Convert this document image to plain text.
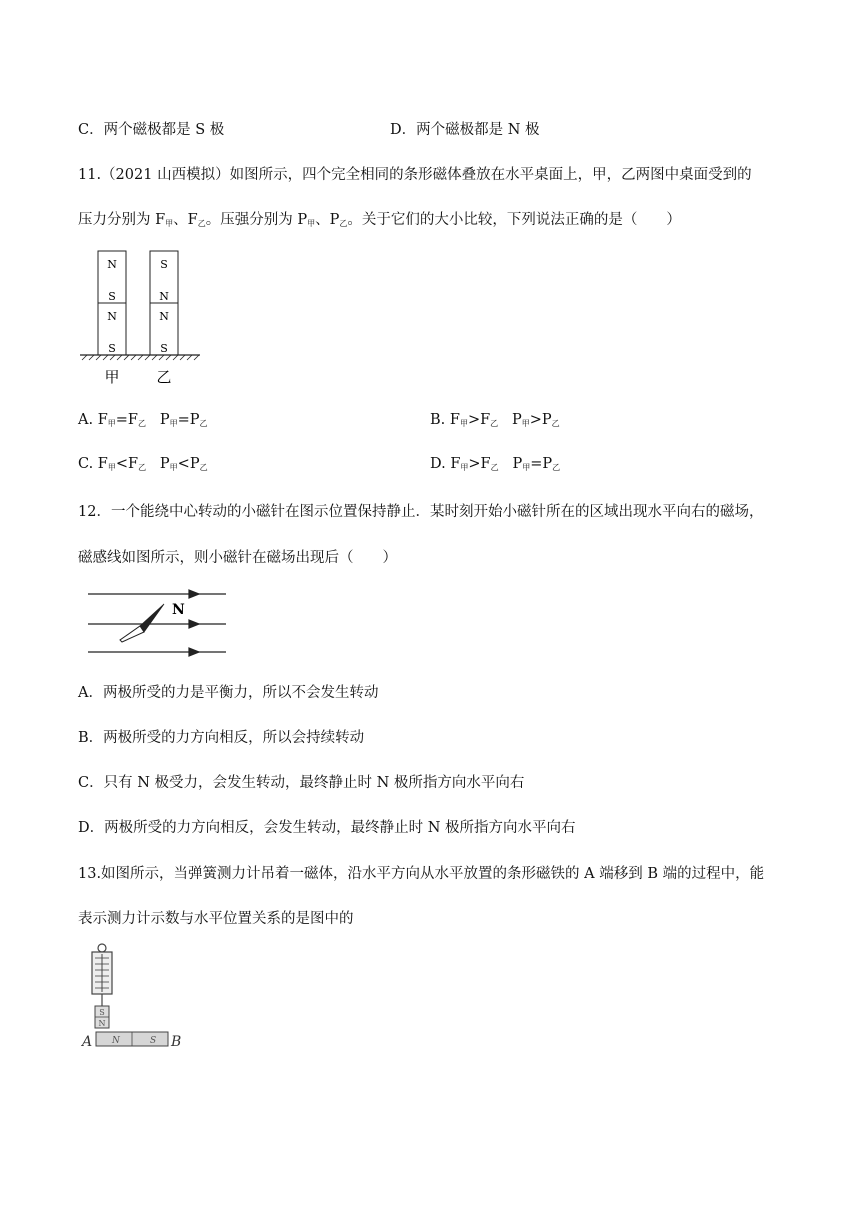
C．两个磁极都是 S 极	D．两个磁极都是 N 极
11.（2021 山西模拟）如图所示，四个完全相同的条形磁体叠放在水平桌面上，甲，乙两图中桌面受到的
压力分别为 $F_甲$、$F_乙$。压强分别为 $P_甲$、$P_乙$。关于它们的大小比较，下列说法正确的是（　　）
N
S
N
S
S
N
N
S
甲 乙
A. $F_甲=F_乙$ $P_甲=P_乙$	B. $F_甲>F_乙$ $P_甲>P_乙$
C. $F_甲<F_乙$ $P_甲<P_乙$	D. $F_甲>F_乙$ $P_甲=P_乙$
12．一个能绕中心转动的小磁针在图示位置保持静止．某时刻开始小磁针所在的区域出现水平向右的磁场，
磁感线如图所示，则小磁针在磁场出现后（　　）
N
A．两极所受的力是平衡力，所以不会发生转动
B．两极所受的力方向相反，所以会持续转动
C．只有 N 极受力，会发生转动，最终静止时 N 极所指方向水平向右
D．两极所受的力方向相反，会发生转动，最终静止时 N 极所指方向水平向右
13.如图所示，当弹簧测力计吊着一磁体，沿水平方向从水平放置的条形磁铁的 A 端移到 B 端的过程中，能
表示测力计示数与水平位置关系的是图中的
S
N
N	S
A	B
